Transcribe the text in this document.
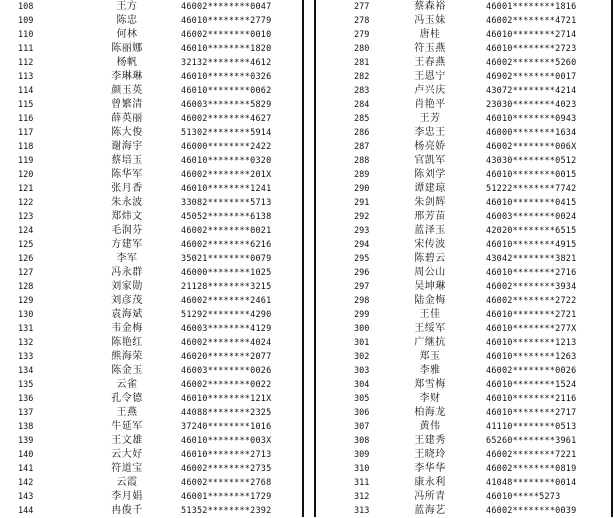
108	王方	46002********0047
109	陈忠	46010********2779
110	何林	46002********0010
111	陈丽娜	46010********1820
112	杨帆	32132********4612
113	李琳琳	46010********0326
114	颜玉英	46010********0062
115	曾繁清	46003********5829
116	薛英丽	46002********4627
117	陈大俊	51302********5914
118	谢海宇	46000********2422
119	蔡培玉	46010********0320
120	陈华军	46002********201X
121	张月香	46010********1241
122	朱永波	33082********5713
123	郑炜文	45052********6138
124	毛润芬	46002********0021
125	方建军	46002********6216
126	李军	35021********0079
127	冯永群	46000********1025
128	刘家勋	21128********3215
129	刘彦茂	46002********2461
130	袁海斌	51292********4290
131	韦金梅	46003********4129
132	陈艳红	46002********4024
133	熊海荣	46020********2077
134	陈金玉	46003********0026
135	云雀	46002********0022
136	孔令德	46010********121X
137	王燕	44088********2325
138	牛延军	37240********1016
139	王文雄	46010********003X
140	云大好	46010********2713
141	符道宝	46002********2735
142	云霞	46002********2768
143	李月娟	46001********1729
144	冉俊千	51352********2392
277	蔡森裕	46001********1816
278	冯玉妹	46002********4721
279	唐桂	46010********2714
280	符玉燕	46010********2723
281	王春燕	46002********5260
282	王恩宁	46902********0017
283	卢兴庆	43072********4214
284	肖艳平	23030********4023
285	王芳	46010********0943
286	李忠王	46000********1634
287	杨亮娇	46002********006X
288	官凯军	43030********0512
289	陈刘学	46010********0015
290	谭建琼	51222********7742
291	朱剑辉	46010********0415
292	邢芳苗	46003********0024
293	蓝泽玉	42020********6515
294	宋传波	46010********4915
295	陈碧云	43042********3821
296	周公山	46010********2716
297	吴坤琳	46002********3934
298	陆金梅	46002********2722
299	王佳	46010********2721
300	王绥军	46010********277X
301	广继抗	46010********1213
302	郑玉	46010********1263
303	李雅	46002********0026
304	郑雪梅	46010********1524
305	李财	46010********2116
306	柏海龙	46010********2717
307	黄伟	41110********0513
308	王建秀	65260********3961
309	王晓玲	46002********7221
310	李华华	46002********0819
311	康永利	41048********0014
312	冯所青	46010*****5273
313	蓝海艺	46002********0039
